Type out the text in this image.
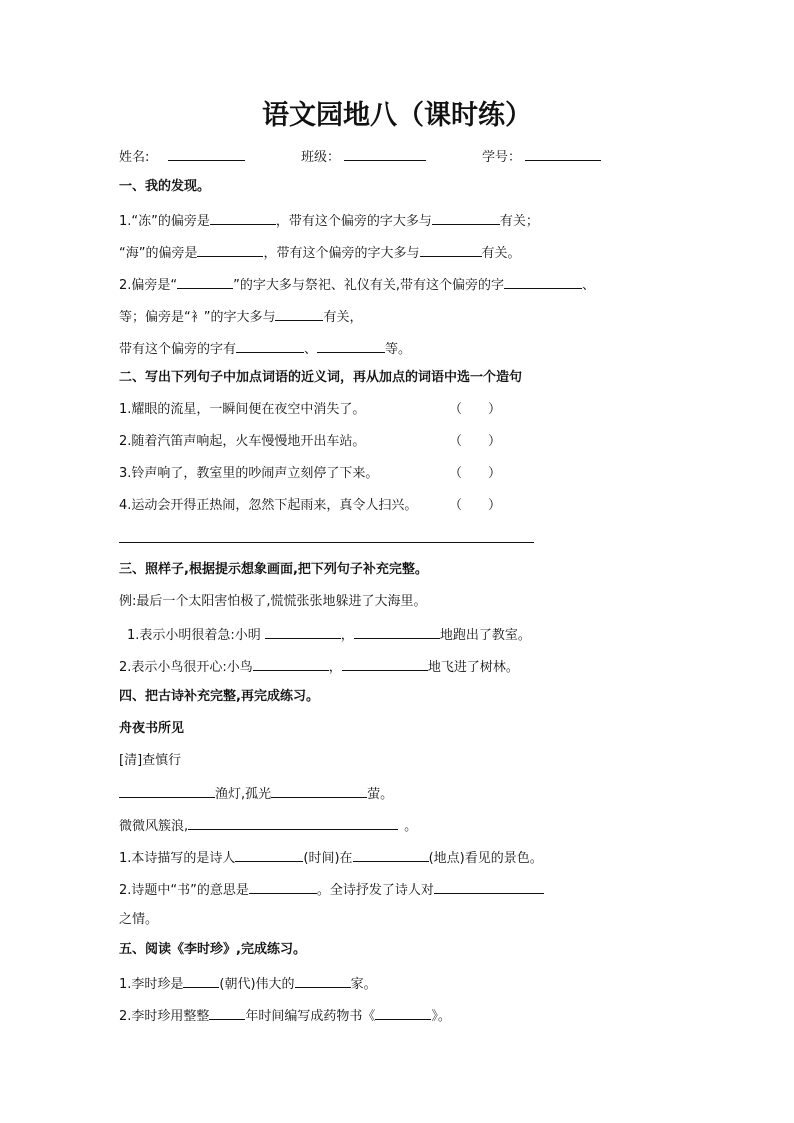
语文园地八（课时练）
姓名:	班级：	学号：
一、我的发现。
1.“冻”的偏旁是	，带有这个偏旁的字大多与	有关；
“海”的偏旁是	，带有这个偏旁的字大多与	有关。
2.偏旁是“	”的字大多与祭祀、礼仪有关,带有这个偏旁的字	、
等；偏旁是“衤”的字大多与	有关，
带有这个偏旁的字有	、	等。
二、写出下列句子中加点词语的近义词，再从加点的词语中选一个造句
1.耀眼的流星，一瞬间便在夜空中消失了。	（　　）
2.随着汽笛声响起，火车慢慢地开出车站。	（　　）
3.铃声响了，教室里的吵闹声立刻停了下来。	（　　）
4.运动会开得正热闹，忽然下起雨来，真令人扫兴。 （　　）
三、照样子,根据提示想象画面,把下列句子补充完整。
例:最后一个太阳害怕极了,慌慌张张地躲进了大海里。
1.表示小明很着急:小明	，	地跑出了教室。
2.表示小鸟很开心:小鸟	，	地飞进了树林。
四、把古诗补充完整,再完成练习。
舟夜书所见
[清]查慎行
渔灯,孤光	萤。
微微风簇浪,	。
1.本诗描写的是诗人	(时间)在	(地点)看见的景色。
2.诗题中“书”的意思是	。全诗抒发了诗人对
之情。
五、阅读《李时珍》,完成练习。
1.李时珍是	(朝代)伟大的	家。
2.李时珍用整整	年时间编写成药物书《	》。
